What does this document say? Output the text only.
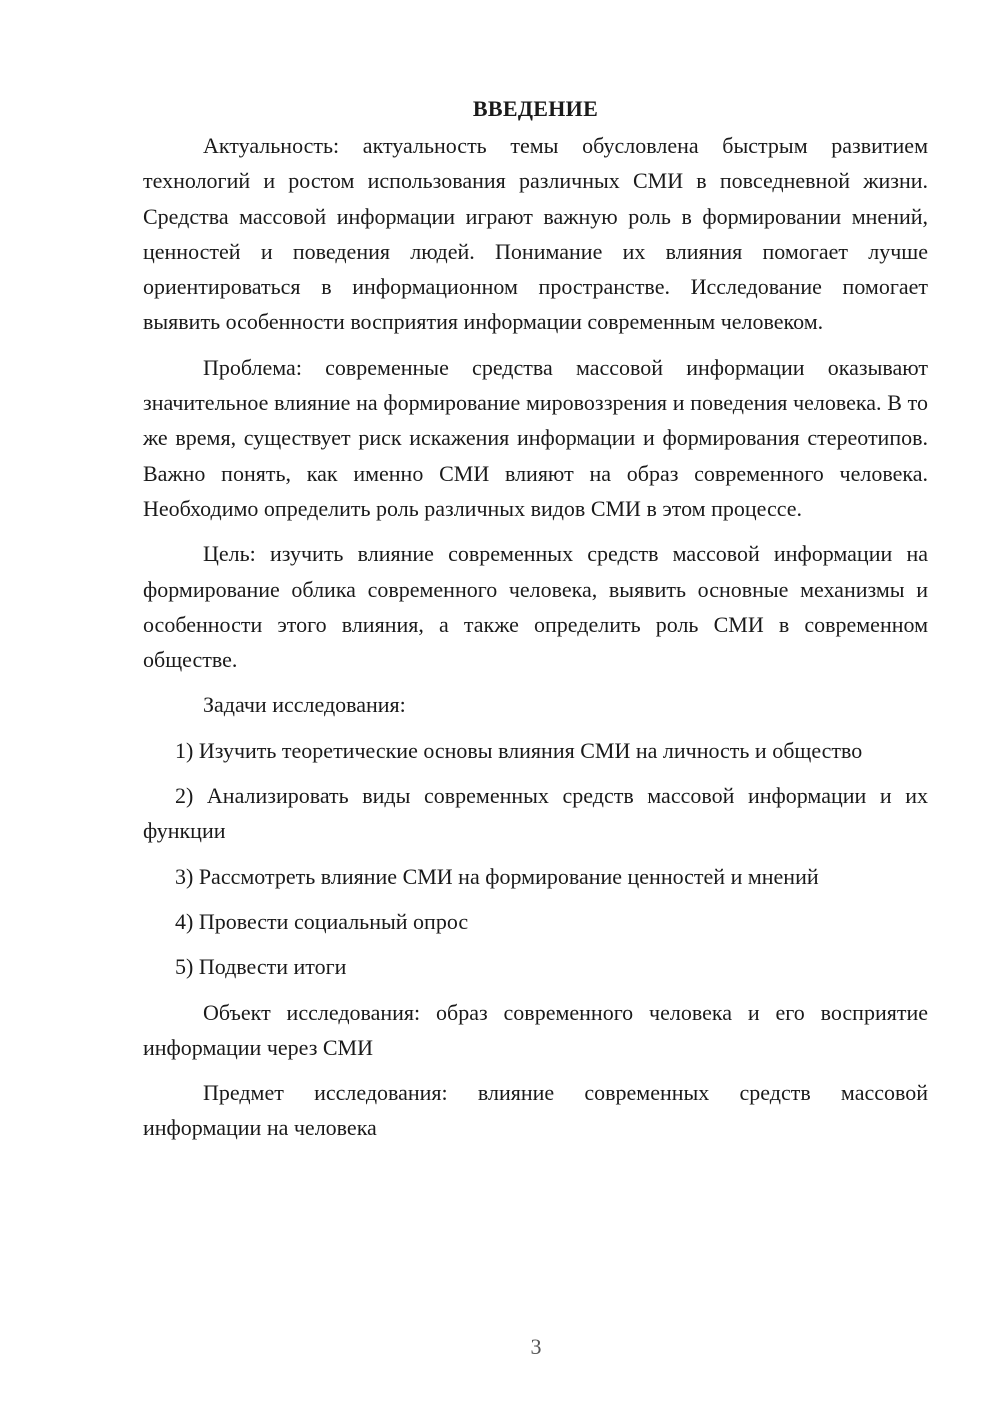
ВВЕДЕНИЕ

Актуальность: актуальность темы обусловлена быстрым развитием технологий и ростом использования различных СМИ в повседневной жизни. Средства массовой информации играют важную роль в формировании мнений, ценностей и поведения людей. Понимание их влияния помогает лучше ориентироваться в информационном пространстве. Исследование помогает выявить особенности восприятия информации современным человеком.

Проблема: современные средства массовой информации оказывают значительное влияние на формирование мировоззрения и поведения человека. В то же время, существует риск искажения информации и формирования стереотипов. Важно понять, как именно СМИ влияют на образ современного человека. Необходимо определить роль различных видов СМИ в этом процессе.

Цель: изучить влияние современных средств массовой информации на формирование облика современного человека, выявить основные механизмы и особенности этого влияния, а также определить роль СМИ в современном обществе.

Задачи исследования:

1) Изучить теоретические основы влияния СМИ на личность и общество

2) Анализировать виды современных средств массовой информации и их функции

3) Рассмотреть влияние СМИ на формирование ценностей и мнений

4) Провести социальный опрос

5) Подвести итоги

Объект исследования: образ современного человека и его восприятие информации через СМИ

Предмет исследования: влияние современных средств массовой информации на человека

3
